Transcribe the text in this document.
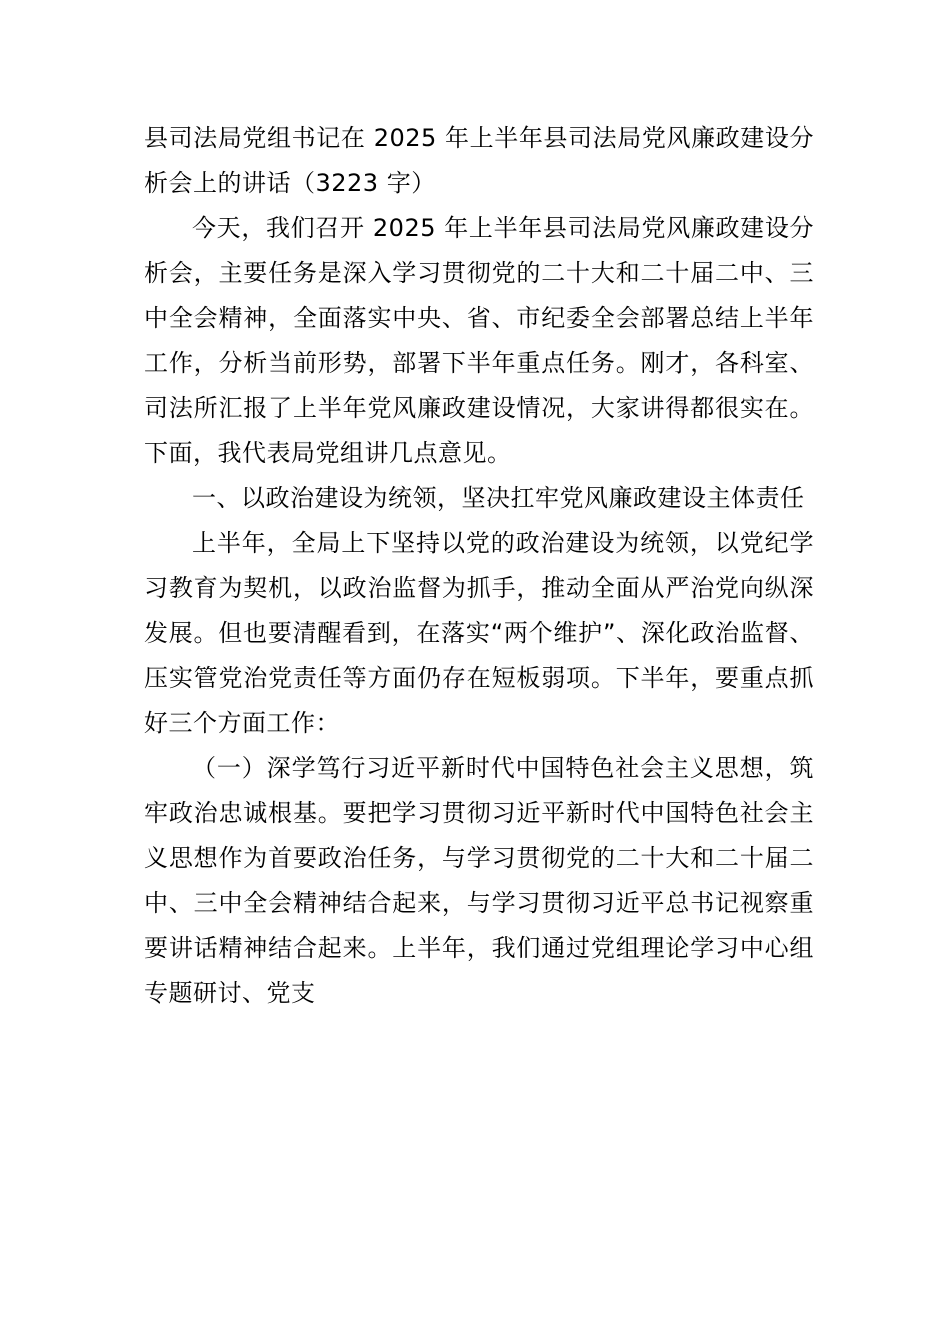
县司法局党组书记在 2025 年上半年县司法局党风廉政建设分析会上的讲话（3223 字）

今天，我们召开 2025 年上半年县司法局党风廉政建设分析会，主要任务是深入学习贯彻党的二十大和二十届二中、三中全会精神，全面落实中央、省、市纪委全会部署总结上半年工作，分析当前形势，部署下半年重点任务。刚才，各科室、司法所汇报了上半年党风廉政建设情况，大家讲得都很实在。下面，我代表局党组讲几点意见。

一、以政治建设为统领，坚决扛牢党风廉政建设主体责任

上半年，全局上下坚持以党的政治建设为统领，以党纪学习教育为契机，以政治监督为抓手，推动全面从严治党向纵深发展。但也要清醒看到，在落实“两个维护”、深化政治监督、压实管党治党责任等方面仍存在短板弱项。下半年，要重点抓好三个方面工作：

（一）深学笃行习近平新时代中国特色社会主义思想，筑牢政治忠诚根基。要把学习贯彻习近平新时代中国特色社会主义思想作为首要政治任务，与学习贯彻党的二十大和二十届二中、三中全会精神结合起来，与学习贯彻习近平总书记视察重要讲话精神结合起来。上半年，我们通过党组理论学习中心组专题研讨、党支
